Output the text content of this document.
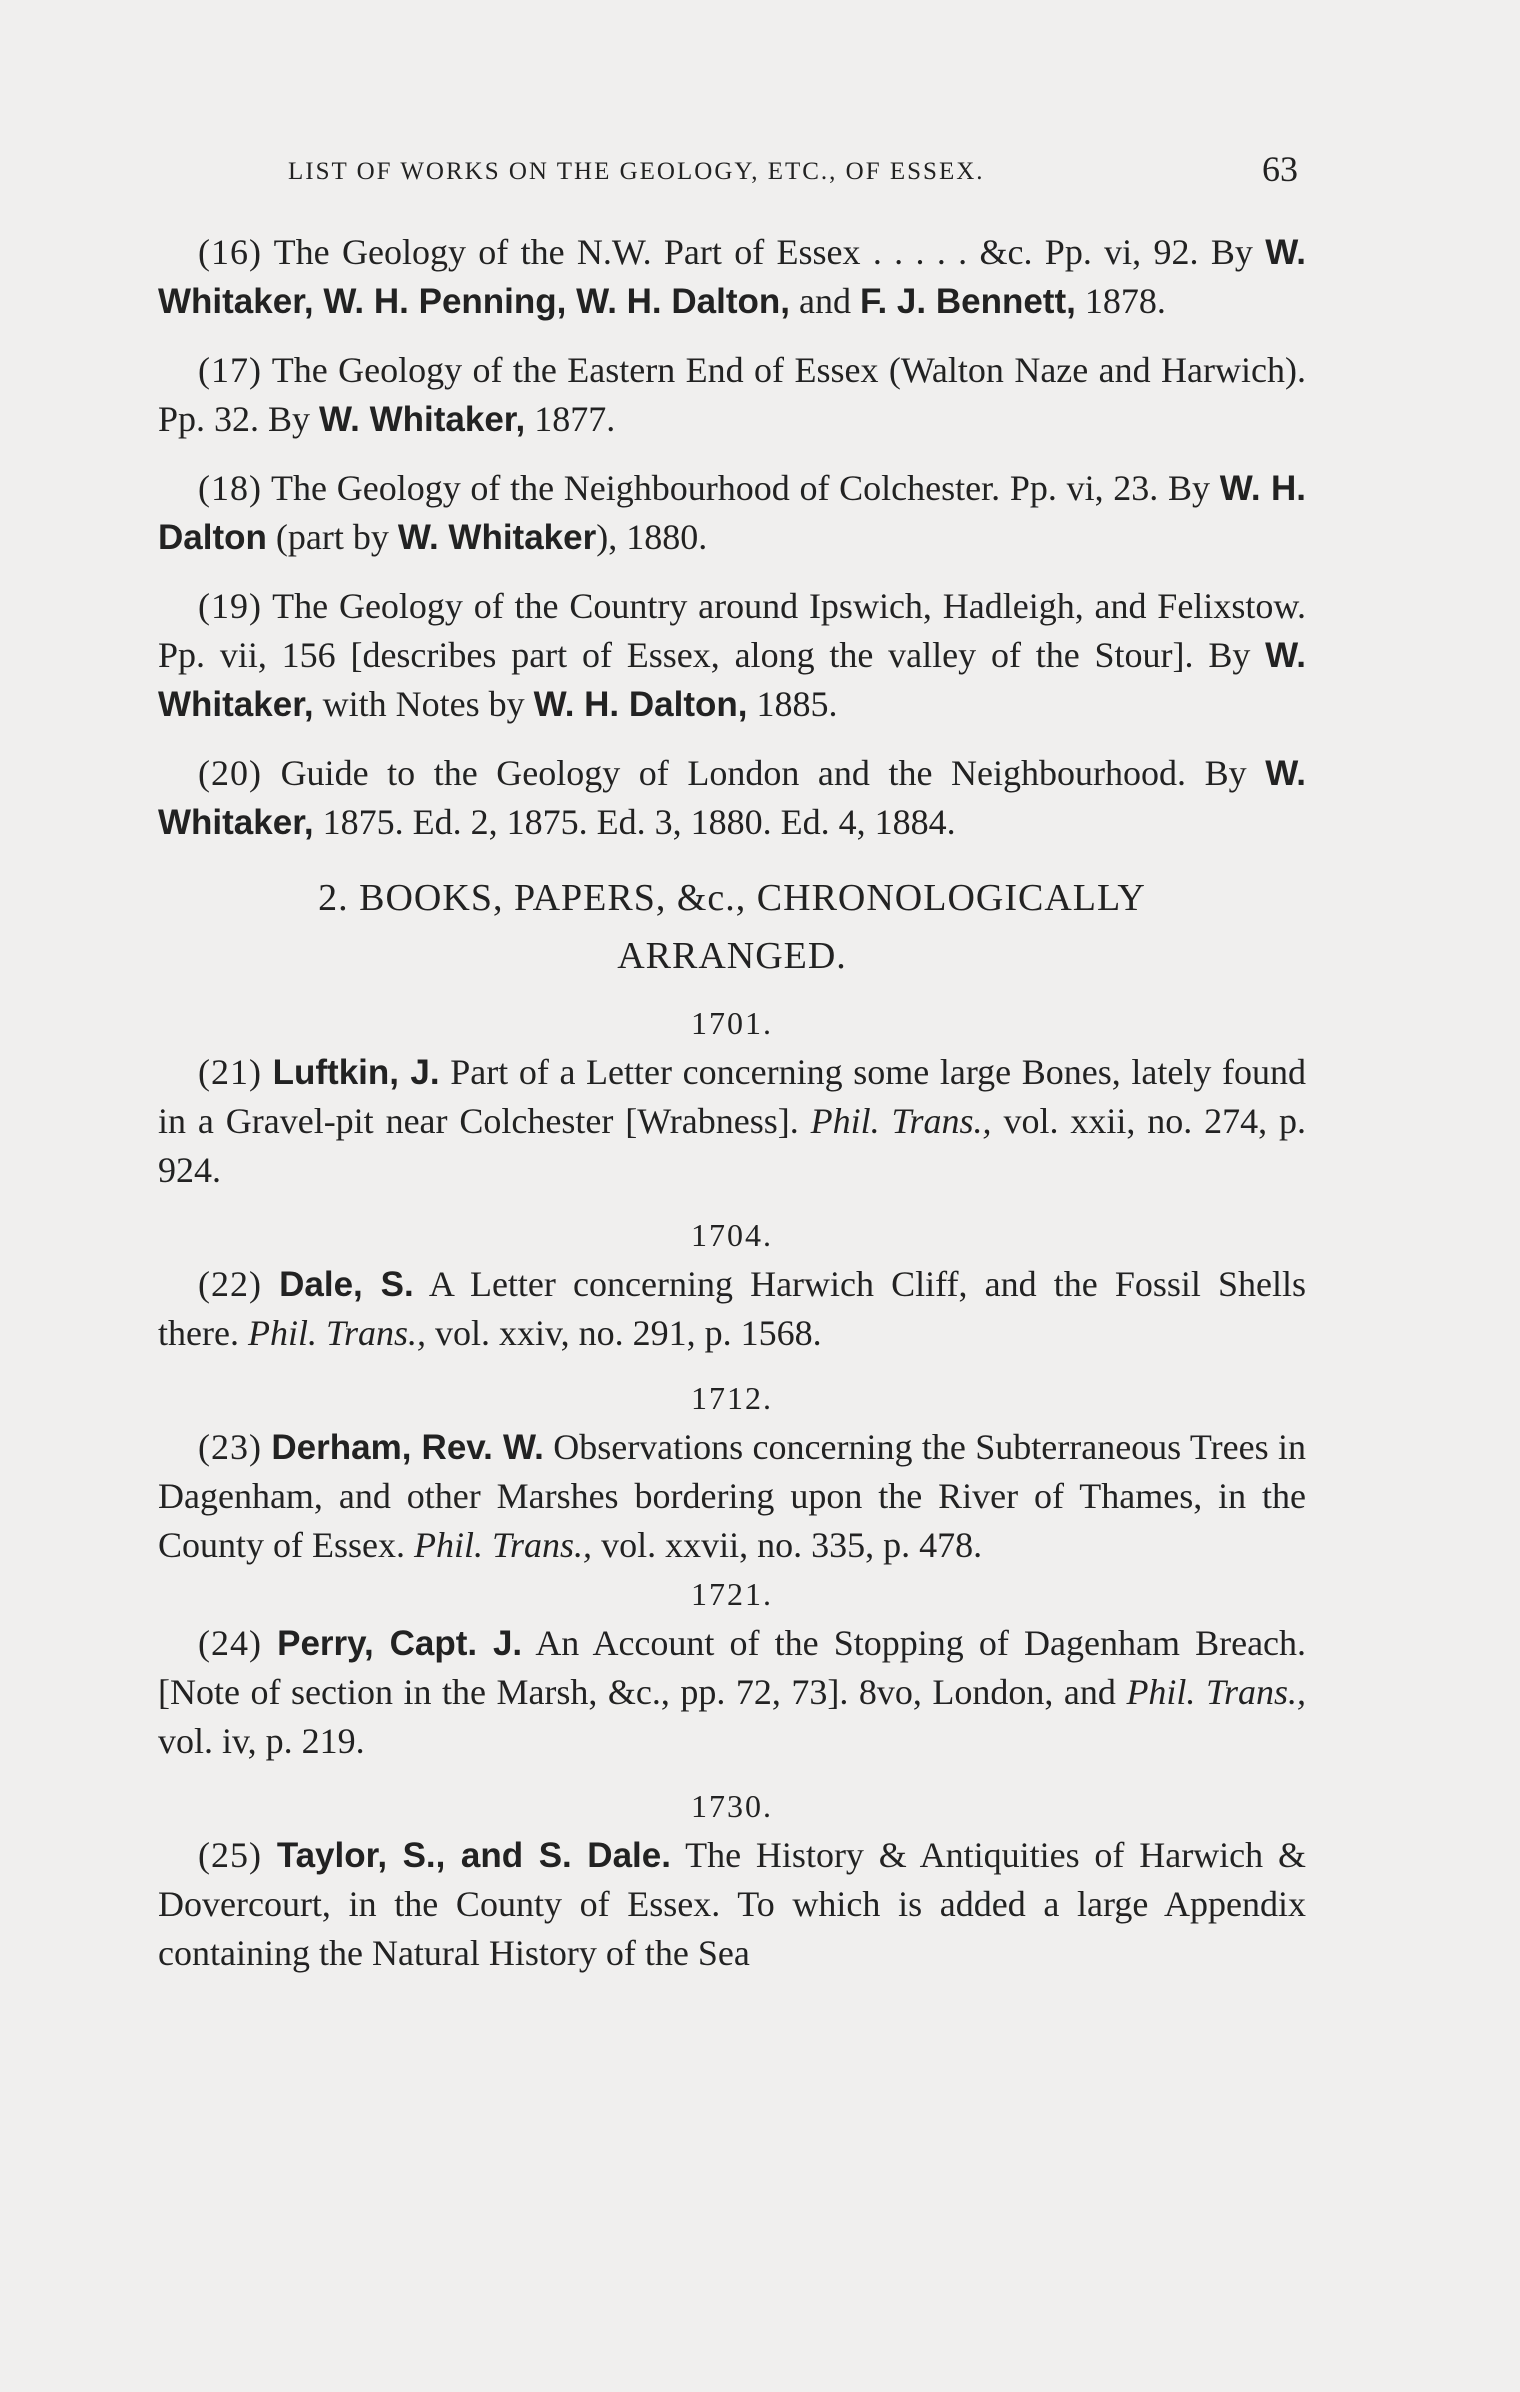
LIST OF WORKS ON THE GEOLOGY, ETC., OF ESSEX.	63

(16) The Geology of the N.W. Part of Essex . . . . . &c. Pp. vi, 92. By W. Whitaker, W. H. Penning, W. H. Dalton, and F. J. Bennett, 1878.

(17) The Geology of the Eastern End of Essex (Walton Naze and Harwich). Pp. 32. By W. Whitaker, 1877.

(18) The Geology of the Neighbourhood of Colchester. Pp. vi, 23. By W. H. Dalton (part by W. Whitaker), 1880.

(19) The Geology of the Country around Ipswich, Hadleigh, and Felixstow. Pp. vii, 156 [describes part of Essex, along the valley of the Stour]. By W. Whitaker, with Notes by W. H. Dalton, 1885.

(20) Guide to the Geology of London and the Neighbourhood. By W. Whitaker, 1875. Ed. 2, 1875. Ed. 3, 1880. Ed. 4, 1884.

2. BOOKS, PAPERS, &c., CHRONOLOGICALLY
ARRANGED.
1701.

(21) Luftkin, J. Part of a Letter concerning some large Bones, lately found in a Gravel-pit near Colchester [Wrabness]. Phil. Trans., vol. xxii, no. 274, p. 924.

1704.

(22) Dale, S. A Letter concerning Harwich Cliff, and the Fossil Shells there. Phil. Trans., vol. xxiv, no. 291, p. 1568.

1712.

(23) Derham, Rev. W. Observations concerning the Subterraneous Trees in Dagenham, and other Marshes bordering upon the River of Thames, in the County of Essex. Phil. Trans., vol. xxvii, no. 335, p. 478.

1721.

(24) Perry, Capt. J. An Account of the Stopping of Dagenham Breach. [Note of section in the Marsh, &c., pp. 72, 73]. 8vo, London, and Phil. Trans., vol. iv, p. 219.

1730.

(25) Taylor, S., and S. Dale. The History & Antiquities of Harwich & Dovercourt, in the County of Essex. To which is added a large Appendix containing the Natural History of the Sea
